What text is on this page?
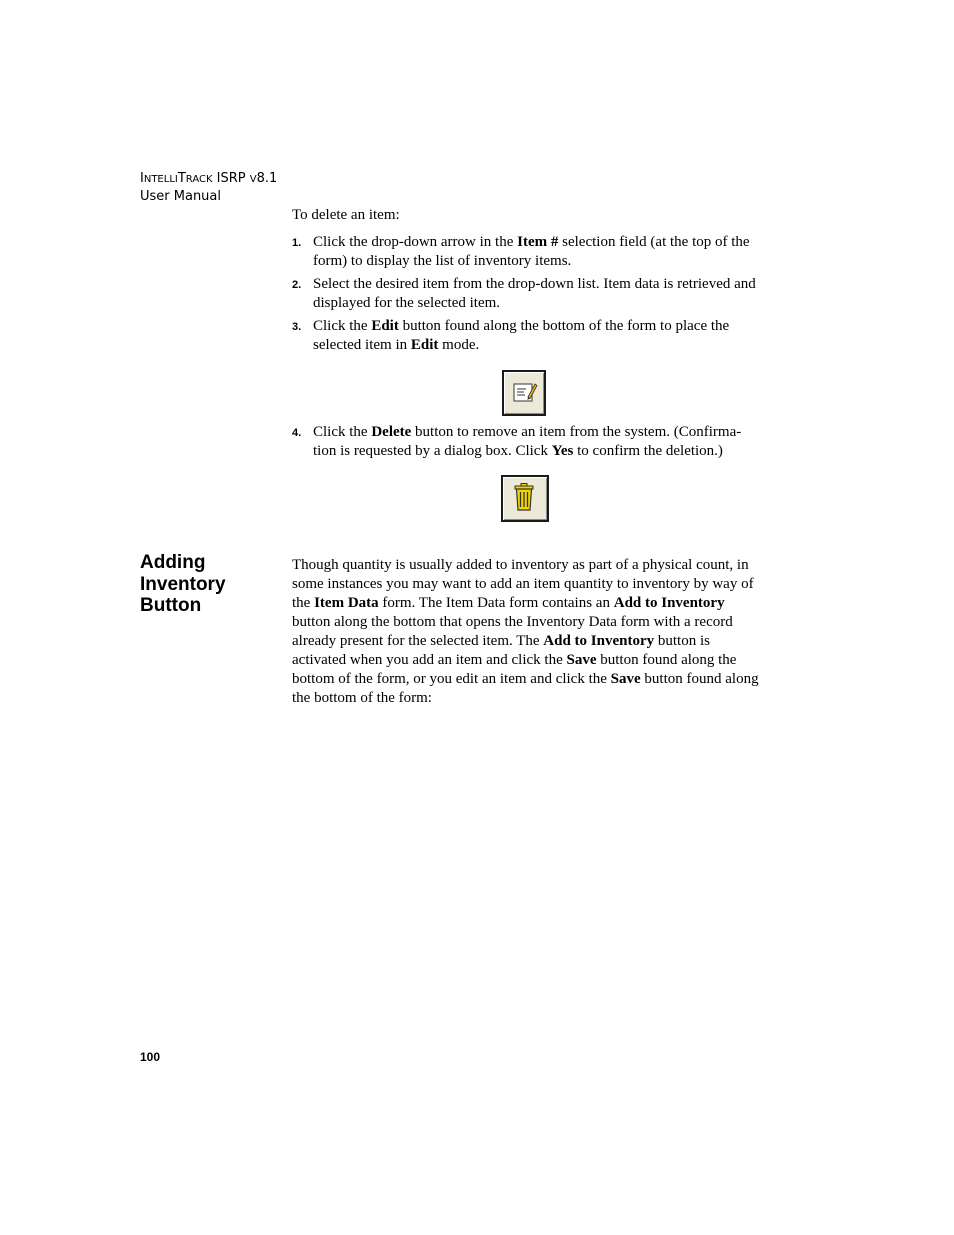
INTELLITRACK ISRP V8.1
User Manual
To delete an item:
1. Click the drop-down arrow in the Item # selection field (at the top of the form) to display the list of inventory items.
2. Select the desired item from the drop-down list. Item data is retrieved and displayed for the selected item.
3. Click the Edit button found along the bottom of the form to place the selected item in Edit mode.
4. Click the Delete button to remove an item from the system. (Confirma-tion is requested by a dialog box. Click Yes to confirm the deletion.)
Adding
Inventory
Button
Though quantity is usually added to inventory as part of a physical count, in some instances you may want to add an item quantity to inventory by way of the Item Data form. The Item Data form contains an Add to Inventory button along the bottom that opens the Inventory Data form with a record already present for the selected item. The Add to Inventory button is activated when you add an item and click the Save button found along the bottom of the form, or you edit an item and click the Save button found along the bottom of the form:
100
